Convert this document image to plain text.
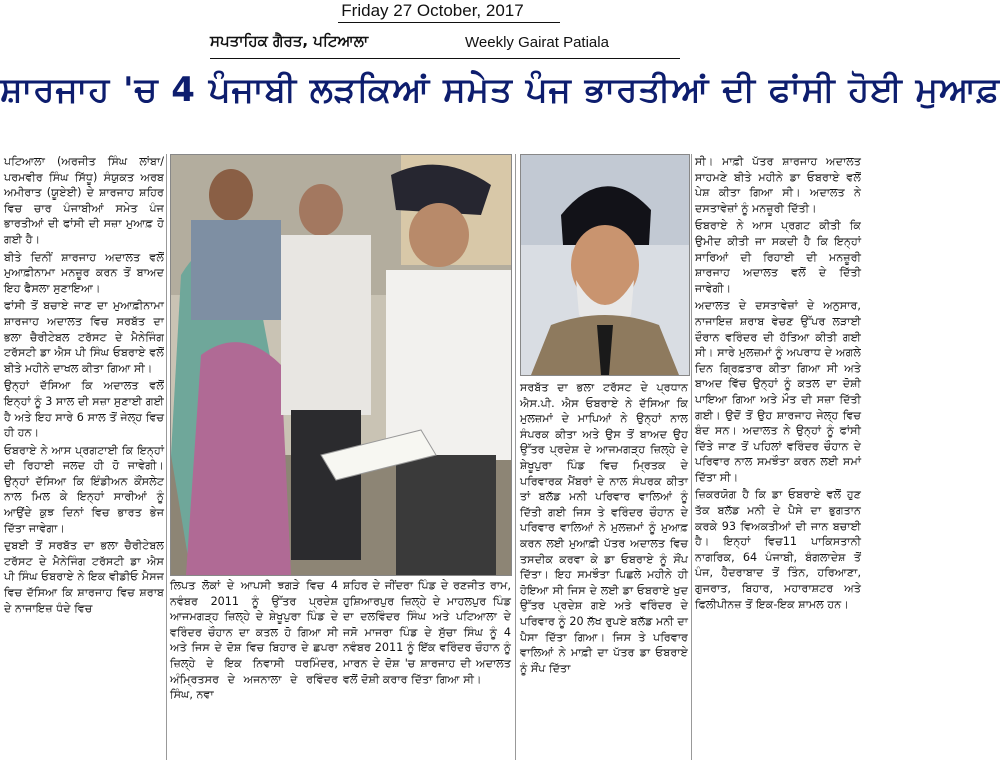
Friday 27 October, 2017
ਸਪਤਾਹਿਕ ਗੈਰਤ, ਪਟਿਆਲਾ	Weekly Gairat Patiala
ਸ਼ਾਰਜਾਹ 'ਚ 4 ਪੰਜਾਬੀ ਲੜਕਿਆਂ ਸਮੇਤ ਪੰਜ ਭਾਰਤੀਆਂ ਦੀ ਫਾਂਸੀ ਹੋਈ ਮੁਆਫ਼

ਪਟਿਆਲਾ (ਅਰਜੀਤ ਸਿੰਘ ਲਾਂਬਾ/ਪਰਮਵੀਰ ਸਿੰਘ ਸਿੱਧੂ) ਸੰਯੁਕਤ ਅਰਬ ਅਮੀਰਾਤ (ਯੂਏਈ) ਦੇ ਸ਼ਾਰਜਾਹ ਸ਼ਹਿਰ ਵਿਚ ਚਾਰ ਪੰਜਾਬੀਆਂ ਸਮੇਤ ਪੰਜ ਭਾਰਤੀਆਂ ਦੀ ਫਾਂਸੀ ਦੀ ਸਜ਼ਾ ਮੁਆਫ਼ ਹੋ ਗਈ ਹੈ।

ਬੀਤੇ ਦਿਨੀਂ ਸ਼ਾਰਜਾਹ ਅਦਾਲਤ ਵਲੋਂ ਮੁਆਫ਼ੀਨਾਮਾ ਮਨਜ਼ੂਰ ਕਰਨ ਤੋਂ ਬਾਅਦ ਇਹ ਫੈਸਲਾ ਸੁਣਾਇਆ।

ਫਾਂਸੀ ਤੋਂ ਬਚਾਏ ਜਾਣ ਦਾ ਮੁਆਫ਼ੀਨਾਮਾ ਸ਼ਾਰਜਾਹ ਅਦਾਲਤ ਵਿਚ ਸਰਬੱਤ ਦਾ ਭਲਾ ਚੈਰੀਟੇਬਲ ਟਰੱਸਟ ਦੇ ਮੈਨੇਜਿੰਗ ਟਰੱਸਟੀ ਡਾ ਐਸ ਪੀ ਸਿੰਘ ਓਬਰਾਏ ਵਲੋਂ ਬੀਤੇ ਮਹੀਨੇ ਦਾਖਲ ਕੀਤਾ ਗਿਆ ਸੀ।

ਉਨ੍ਹਾਂ ਦੱਸਿਆ ਕਿ ਅਦਾਲਤ ਵਲੋਂ ਇਨ੍ਹਾਂ ਨੂੰ 3 ਸਾਲ ਦੀ ਸਜ਼ਾ ਸੁਣਾਈ ਗਈ ਹੈ ਅਤੇ ਇਹ ਸਾਰੇ 6 ਸਾਲ ਤੋਂ ਜੇਲ੍ਹ ਵਿਚ ਹੀ ਹਨ।

ਓਬਰਾਏ ਨੇ ਆਸ ਪ੍ਰਗਟਾਈ ਕਿ ਇਨ੍ਹਾਂ ਦੀ ਰਿਹਾਈ ਜਲਦ ਹੀ ਹੋ ਜਾਵੇਗੀ। ਉਨ੍ਹਾਂ ਦੱਸਿਆ ਕਿ ਇੰਡੀਅਨ ਕੌਂਸਲੇਟ ਨਾਲ ਮਿਲ ਕੇ ਇਨ੍ਹਾਂ ਸਾਰੀਆਂ ਨੂੰ ਆਉਂਦੇ ਕੁਝ ਦਿਨਾਂ ਵਿਚ ਭਾਰਤ ਭੇਜ ਦਿੱਤਾ ਜਾਵੇਗਾ।

ਦੁਬਈ ਤੋਂ ਸਰਬੱਤ ਦਾ ਭਲਾ ਚੈਰੀਟੇਬਲ ਟਰੱਸਟ ਦੇ ਮੈਨੇਜਿੰਗ ਟਰੱਸਟੀ ਡਾ ਐਸ ਪੀ ਸਿੰਘ ਓਬਰਾਏ ਨੇ ਇਕ ਵੀਡੀਓ ਮੈਸਜ ਵਿਚ ਦੱਸਿਆ ਕਿ ਸ਼ਾਰਜਾਹ ਵਿਚ ਸ਼ਰਾਬ ਦੇ ਨਾਜਾਇਜ਼ ਧੰਦੇ ਵਿਚ

ਲਿਪਤ ਲੋਕਾਂ ਦੇ ਆਪਸੀ ਝਗੜੇ ਵਿਚ 4 ਨਵੰਬਰ 2011 ਨੂੰ ਉੱਤਰ ਪ੍ਰਦੇਸ਼ ਆਜਮਗੜ੍ਹ ਜ਼ਿਲ੍ਹੇ ਦੇ ਸ਼ੇਖੂਪੁਰਾ ਪਿੰਡ ਦੇ ਵਰਿੰਦਰ ਚੌਹਾਨ ਦਾ ਕਤਲ ਹੋ ਗਿਆ ਸੀ ਅਤੇ ਜਿਸ ਦੇ ਦੋਸ਼ ਵਿਚ ਬਿਹਾਰ ਦੇ ਛਪਰਾ ਜ਼ਿਲ੍ਹੇ ਦੇ ਇਕ ਨਿਵਾਸੀ ਧਰਮਿੰਦਰ, ਅੰਮ੍ਰਿਤਸਰ ਦੇ ਅਜਨਾਲਾ ਦੇ ਰਵਿੰਦਰ ਸਿੰਘ, ਨਵਾ

ਸ਼ਹਿਰ ਦੇ ਜੀਂਦਰਾ ਪਿੰਡ ਦੇ ਰਣਜੀਤ ਰਾਮ, ਹੁਸ਼ਿਆਰਪੁਰ ਜ਼ਿਲ੍ਹੇ ਦੇ ਮਾਹਲਪੁਰ ਪਿੰਡ ਦਾ ਦਲਵਿੰਦਰ ਸਿੰਘ ਅਤੇ ਪਟਿਆਲਾ ਦੇ ਜਸੋ ਮਾਜਰਾ ਪਿੰਡ ਦੇ ਸੁੱਚਾ ਸਿੰਘ ਨੂੰ 4 ਨਵੰਬਰ 2011 ਨੂੰ ਇੱਕ ਵਰਿੰਦਰ ਚੌਹਾਨ ਨੂੰ ਮਾਰਨ ਦੇ ਦੋਸ਼ 'ਚ ਸ਼ਾਰਜਾਹ ਦੀ ਅਦਾਲਤ ਵਲੋਂ ਦੋਸ਼ੀ ਕਰਾਰ ਦਿੱਤਾ ਗਿਆ ਸੀ।

ਸਰਬੱਤ ਦਾ ਭਲਾ ਟਰੱਸਟ ਦੇ ਪ੍ਰਧਾਨ ਐਸ.ਪੀ. ਐਸ ਓਬਰਾਏ ਨੇ ਦੱਸਿਆ ਕਿ ਮੁਲਜ਼ਮਾਂ ਦੇ ਮਾਪਿਆਂ ਨੇ ਉਨ੍ਹਾਂ ਨਾਲ ਸੰਪਰਕ ਕੀਤਾ ਅਤੇ ਉਸ ਤੋਂ ਬਾਅਦ ਉਹ ਉੱਤਰ ਪ੍ਰਦੇਸ਼ ਦੇ ਆਜਮਗੜ੍ਹ ਜ਼ਿਲ੍ਹੇ ਦੇ ਸ਼ੇਖੂਪੁਰਾ ਪਿੰਡ ਵਿਚ ਮ੍ਰਿਤਕ ਦੇ ਪਰਿਵਾਰਕ ਮੈਂਬਰਾਂ ਦੇ ਨਾਲ ਸੰਪਰਕ ਕੀਤਾ ਤਾਂ ਬਲੱਡ ਮਨੀ ਪਰਿਵਾਰ ਵਾਲਿਆਂ ਨੂੰ ਦਿੱਤੀ ਗਈ ਜਿਸ ਤੇ ਵਰਿੰਦਰ ਚੌਹਾਨ ਦੇ ਪਰਿਵਾਰ ਵਾਲਿਆਂ ਨੇ ਮੁਲਜ਼ਮਾਂ ਨੂੰ ਮੁਆਫ਼ ਕਰਨ ਲਈ ਮੁਆਫ਼ੀ ਪੱਤਰ ਅਦਾਲਤ ਵਿਚ ਤਸਦੀਕ ਕਰਵਾ ਕੇ ਡਾ ਓਬਰਾਏ ਨੂੰ ਸੌਂਪ ਦਿੱਤਾ। ਇਹ ਸਮਝੌਤਾ ਪਿਛਲੇ ਮਹੀਨੇ ਹੀ ਹੋਇਆ ਸੀ ਜਿਸ ਦੇ ਲਈ ਡਾ ਓਬਰਾਏ ਖੁਦ ਉੱਤਰ ਪ੍ਰਦੇਸ਼ ਗਏ ਅਤੇ ਵਰਿੰਦਰ ਦੇ ਪਰਿਵਾਰ ਨੂੰ 20 ਲੱਖ ਰੁਪਏ ਬਲੱਡ ਮਨੀ ਦਾ ਪੈਸਾ ਦਿੱਤਾ ਗਿਆ। ਜਿਸ ਤੇ ਪਰਿਵਾਰ ਵਾਲਿਆਂ ਨੇ ਮਾਫ਼ੀ ਦਾ ਪੱਤਰ ਡਾ ਓਬਰਾਏ ਨੂੰ ਸੌਂਪ ਦਿੱਤਾ

ਸੀ। ਮਾਫ਼ੀ ਪੱਤਰ ਸ਼ਾਰਜਾਹ ਅਦਾਲਤ ਸਾਹਮਣੇ ਬੀਤੇ ਮਹੀਨੇ ਡਾ ਓਬਰਾਏ ਵਲੋਂ ਪੇਸ਼ ਕੀਤਾ ਗਿਆ ਸੀ। ਅਦਾਲਤ ਨੇ ਦਸਤਾਵੇਜ਼ਾਂ ਨੂੰ ਮਨਜ਼ੂਰੀ ਦਿੱਤੀ।

ਓਬਰਾਏ ਨੇ ਆਸ ਪ੍ਰਗਟ ਕੀਤੀ ਕਿ ਉਮੀਦ ਕੀਤੀ ਜਾ ਸਕਦੀ ਹੈ ਕਿ ਇਨ੍ਹਾਂ ਸਾਰਿਆਂ ਦੀ ਰਿਹਾਈ ਦੀ ਮਨਜ਼ੂਰੀ ਸ਼ਾਰਜਾਹ ਅਦਾਲਤ ਵਲੋਂ ਦੇ ਦਿੱਤੀ ਜਾਵੇਗੀ।

ਅਦਾਲਤ ਦੇ ਦਸਤਾਵੇਜ਼ਾਂ ਦੇ ਅਨੁਸਾਰ, ਨਾਜਾਇਜ਼ ਸ਼ਰਾਬ ਵੇਚਣ ਉੱਪਰ ਲੜਾਈ ਦੌਰਾਨ ਵਰਿੰਦਰ ਦੀ ਹੱਤਿਆ ਕੀਤੀ ਗਈ ਸੀ। ਸਾਰੇ ਮੁਲਜ਼ਮਾਂ ਨੂੰ ਅਪਰਾਧ ਦੇ ਅਗਲੇ ਦਿਨ ਗ੍ਰਿਫ਼ਤਾਰ ਕੀਤਾ ਗਿਆ ਸੀ ਅਤੇ ਬਾਅਦ ਵਿੱਚ ਉਨ੍ਹਾਂ ਨੂੰ ਕਤਲ ਦਾ ਦੋਸ਼ੀ ਪਾਇਆ ਗਿਆ ਅਤੇ ਮੌਤ ਦੀ ਸਜ਼ਾ ਦਿੱਤੀ ਗਈ। ਉਦੋਂ ਤੋਂ ਉਹ ਸ਼ਾਰਜਾਹ ਜੇਲ੍ਹ ਵਿਚ ਬੰਦ ਸਨ। ਅਦਾਲਤ ਨੇ ਉਨ੍ਹਾਂ ਨੂੰ ਫਾਂਸੀ ਦਿੱਤੇ ਜਾਣ ਤੋਂ ਪਹਿਲਾਂ ਵਰਿੰਦਰ ਚੌਹਾਨ ਦੇ ਪਰਿਵਾਰ ਨਾਲ ਸਮਝੌਤਾ ਕਰਨ ਲਈ ਸਮਾਂ ਦਿੱਤਾ ਸੀ।

ਜ਼ਿਕਰਯੋਗ ਹੈ ਕਿ ਡਾ ਓਬਰਾਏ ਵਲੋਂ ਹੁਣ ਤੱਕ ਬਲੱਡ ਮਨੀ ਦੇ ਪੈਸੇ ਦਾ ਭੁਗਤਾਨ ਕਰਕੇ 93 ਵਿਅਕਤੀਆਂ ਦੀ ਜਾਨ ਬਚਾਈ ਹੈ। ਇਨ੍ਹਾਂ ਵਿਚ11 ਪਾਕਿਸਤਾਨੀ ਨਾਗਰਿਕ, 64 ਪੰਜਾਬੀ, ਬੰਗਲਾਦੇਸ਼ ਤੋਂ ਪੰਜ, ਹੈਦਰਾਬਾਦ ਤੋਂ ਤਿੰਨ, ਹਰਿਆਣਾ, ਗੁਜਰਾਤ, ਬਿਹਾਰ, ਮਹਾਰਾਸ਼ਟਰ ਅਤੇ ਫਿਲੀਪੀਨਜ਼ ਤੋਂ ਇਕ-ਇਕ ਸ਼ਾਮਲ ਹਨ।
